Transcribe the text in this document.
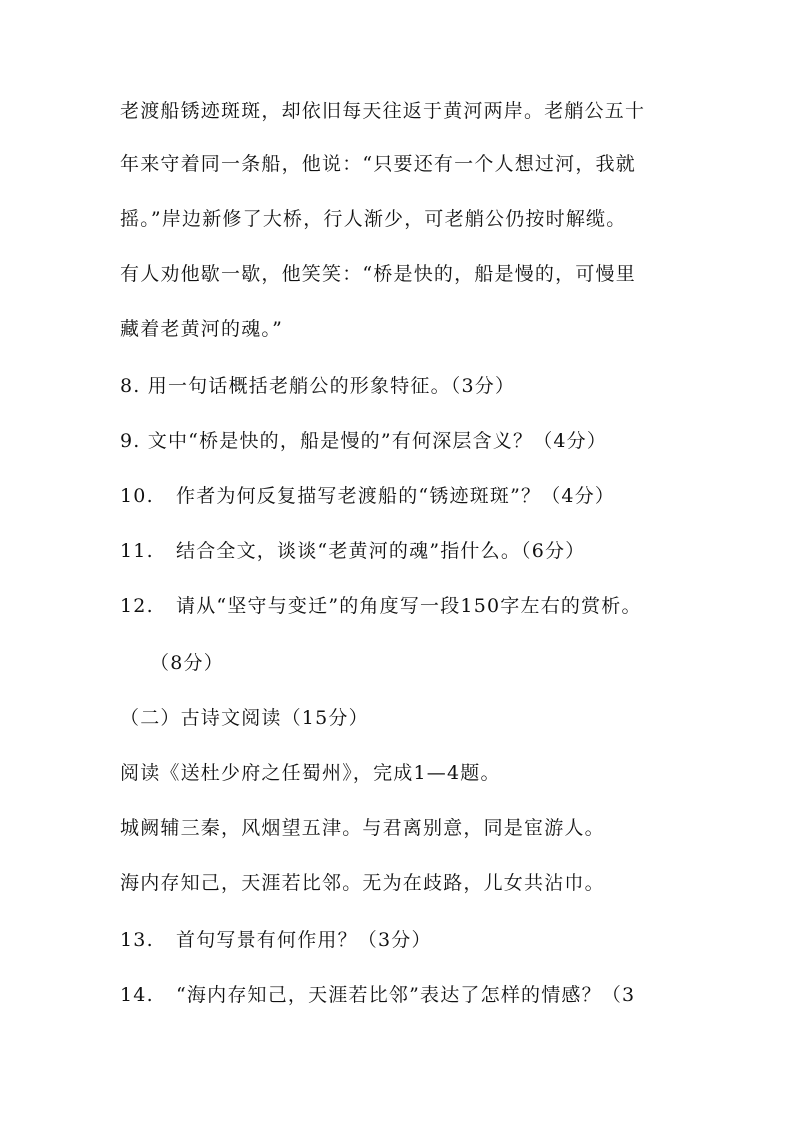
老渡船锈迹斑斑，却依旧每天往返于黄河两岸。老艄公五十
年来守着同一条船，他说：“只要还有一个人想过河，我就
摇。”岸边新修了大桥，行人渐少，可老艄公仍按时解缆。
有人劝他歇一歇，他笑笑：“桥是快的，船是慢的，可慢里
藏着老黄河的魂。”
8. 用一句话概括老艄公的形象特征。（3分）
9. 文中“桥是快的，船是慢的”有何深层含义？（4分）
10. 作者为何反复描写老渡船的“锈迹斑斑”？（4分）
11. 结合全文，谈谈“老黄河的魂”指什么。（6分）
12. 请从“坚守与变迁”的角度写一段150字左右的赏析。
（8分）
（二）古诗文阅读（15分）
阅读《送杜少府之任蜀州》，完成1—4题。
城阙辅三秦，风烟望五津。与君离别意，同是宦游人。
海内存知己，天涯若比邻。无为在歧路，儿女共沾巾。
13. 首句写景有何作用？（3分）
14. “海内存知己，天涯若比邻”表达了怎样的情感？（3
